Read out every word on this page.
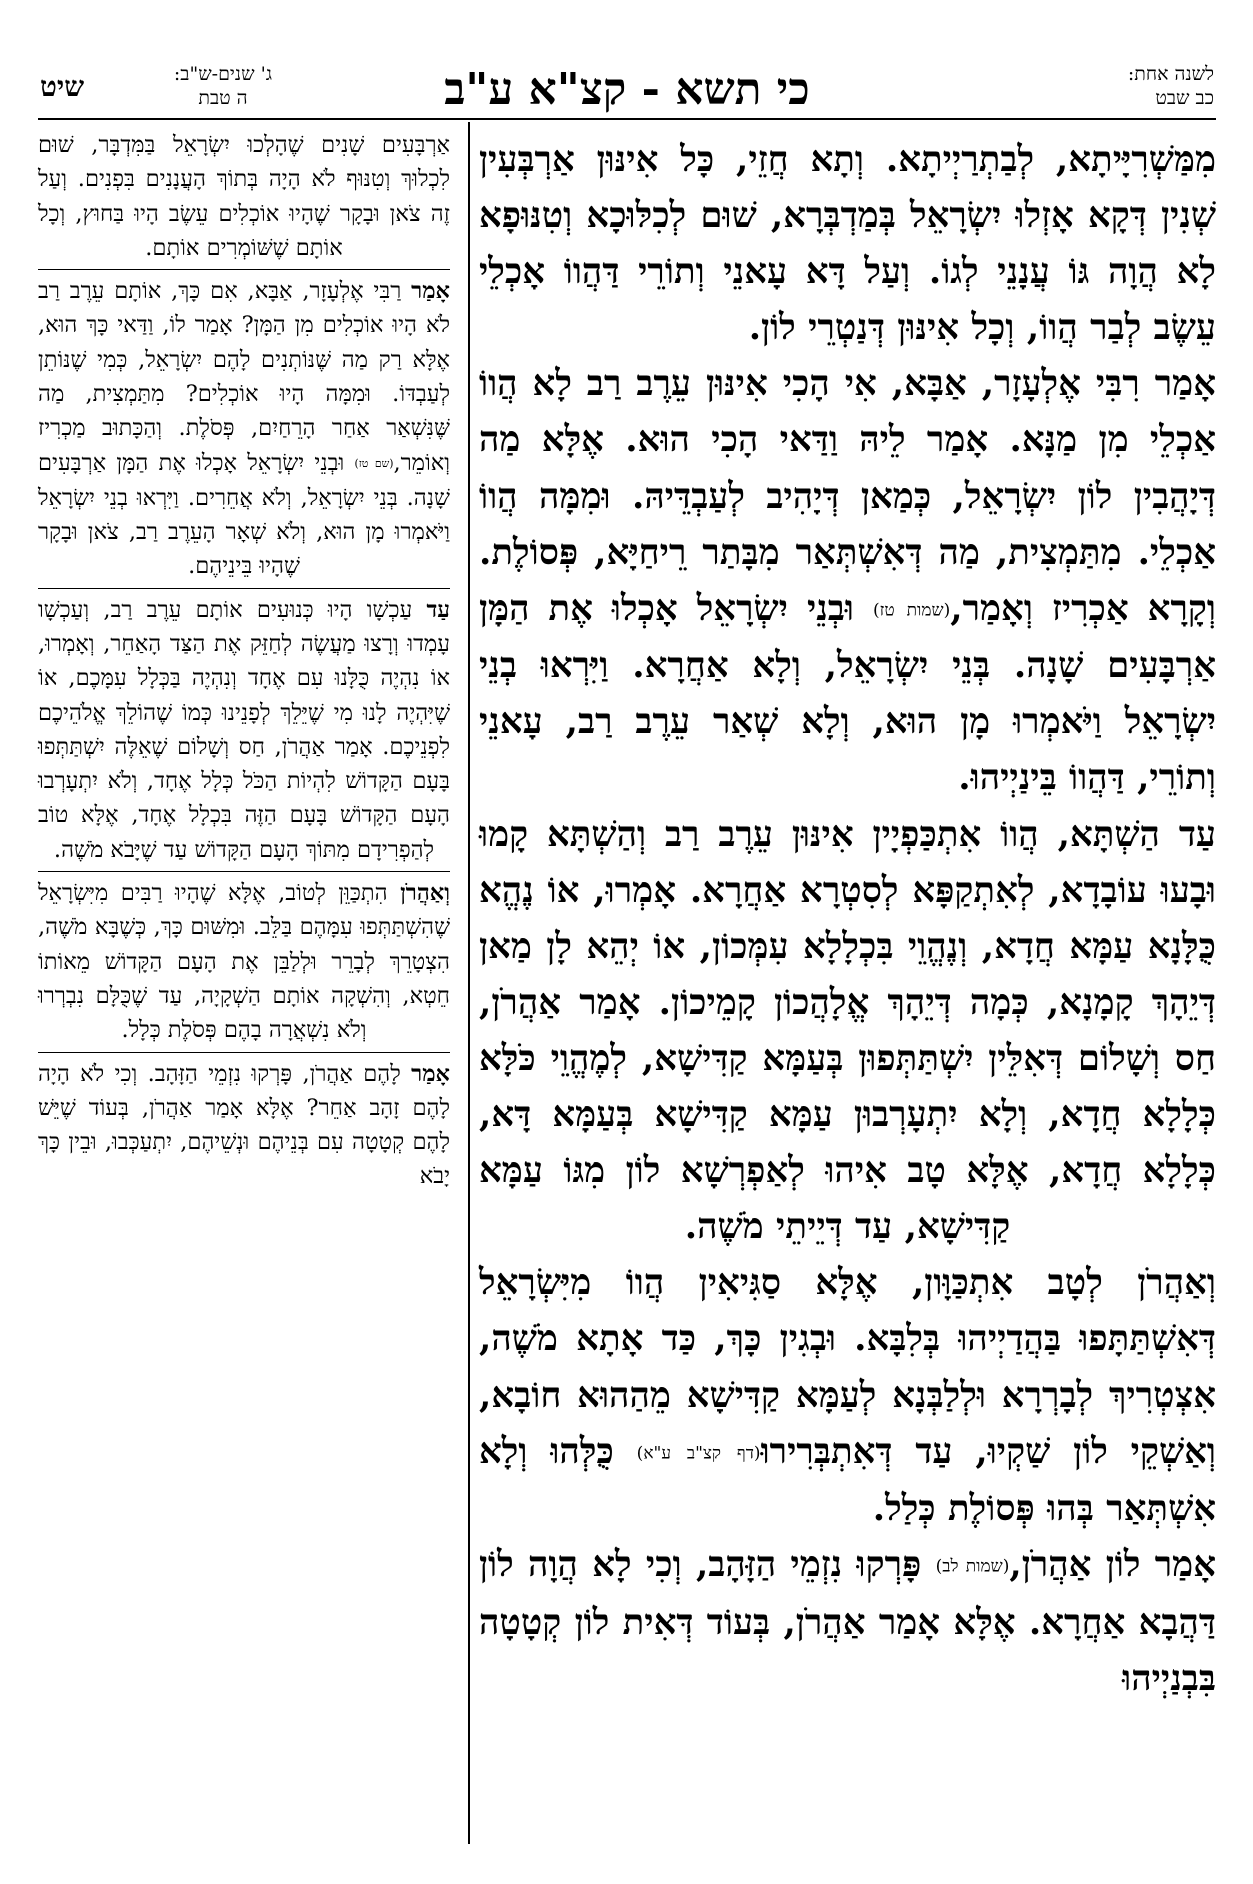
לשנה אחת:
כב שבט
כי תשא - קצ"א ע"ב
ג' שנים-ש"ב:
ה טבת
שיט

מִמַּשְׁרִיָּיתָא, לְבַתְרַיְיתָא. וְתָא חֲזֵי, כָּל אִינּוּן אַרְבְּעִין שְׁנִין דְּקָא אָזְלוּ יִשְׂרָאֵל בְּמַדְבְּרָא, שׁוּם לְכִלּוּכָא וְטִנּוּפָא לָא הֲוָה גּוֹ עֲנָנֵי לְגוֹ. וְעַל דָּא עָאנֵי וְתוֹרֵי דַּהֲווֹ אָכְלֵי עֵשֶׂב לְבַר הֲווֹ, וְכָל אִינּוּן דְּנַטְרֵי לוֹן.

אָמַר רִבִּי אֶלְעָזָר, אַבָּא, אִי הָכִי אִינּוּן עֵרֶב רַב לָא הֲווֹ אַכְלֵי מִן מַנָּא. אָמַר לֵיהּ וַדַּאי הָכִי הוּא. אֶלָּא מַה דְּיָהֲבִין לוֹן יִשְׂרָאֵל, כְּמַאן דְּיָהִיב לְעַבְדֵּיהּ. וּמִמָּה הֲווֹ אַכְלֵי. מִתַּמְצִית, מַה דְּאִשְׁתְּאַר מִבָּתַר רֵיחַיָּא, פְּסוֹלֶת. וְקָרָא אַכְרִיז וְאָמַר,(שמות טז) וּבְנֵי יִשְׂרָאֵל אָכְלוּ אֶת הַמָּן אַרְבָּעִים שָׁנָה. בְּנֵי יִשְׂרָאֵל, וְלָא אַחֲרָא. וַיִּרְאוּ בְנֵי יִשְׂרָאֵל וַיֹּאמְרוּ מָן הוּא, וְלָא שְׁאַר עֵרֶב רַב, עָאנֵי וְתוֹרֵי, דַּהֲווֹ בֵּינַיְיהוּ.

עַד הַשְׁתָּא, הֲווֹ אִתְכַּפְיָין אִינּוּן עֵרֶב רַב וְהַשְׁתָּא קָמוּ וּבָעוּ עוֹבָדָא, לְאִתְקַפָּא לְסִטְרָא אַחֲרָא. אָמְרוּ, אוֹ נֶהֱא כֻּלָּנָא עַמָּא חֲדָא, וְנֶהֱוֵי בִּכְלָלָא עִמְּכוֹן, אוֹ יְהֵא לָן מַאן דְּיֵהָךְ קָמָנָא, כְּמָה דְּיֵהָךְ אֱלָהֲכוֹן קָמֵיכוֹן. אָמַר אַהֲרֹן, חַס וְשָׁלוֹם דְּאִלֵּין יִשְׁתַּתְּפוּן בְּעַמָּא קַדִּישָׁא, לְמֶהֱוֵי כֹּלָּא כְּלָלָא חֲדָא, וְלָא יִתְעָרְבוּן עַמָּא קַדִּישָׁא בְּעַמָּא דָּא, כְּלָלָא חֲדָא, אֶלָּא טָב אִיהוּ לְאַפְרְשָׁא לוֹן מִגּוֹ עַמָּא קַדִּישָׁא, עַד דְּיֵיתֵי מֹשֶׁה.

וְאַהֲרֹן לְטָב אִתְכַּוָּון, אֶלָּא סַגִּיאִין הֲווֹ מִיִּשְׂרָאֵל דְּאִשְׁתַּתָּפוּ בַּהֲדַיְיהוּ בְּלִבָּא. וּבְגִין כָּךְ, כַּד אָתָא מֹשֶׁה, אִצְטְרִיךְ לְבָרְרָא וּלְלַבְּנָא לְעַמָּא קַדִּישָׁא מֵהַהוּא חוֹבָא, וְאַשְׁקֵי לוֹן שַׁקְיוּ, עַד דְּאִתְבְּרִירוּ(דף קצ"ב ע"א) כֻּלְּהוּ וְלָא אִשְׁתְּאַר בְּהוּ פְּסוֹלֶת כְּלַל.

אָמַר לוֹן אַהֲרֹן,(שמות לב) פָּרְקוּ נִזְמֵי הַזָּהָב, וְכִי לָא הֲוָה לוֹן דַּהֲבָא אַחֲרָא. אֶלָּא אָמַר אַהֲרֹן, בְּעוֹד דְּאִית לוֹן קְטָטָה בִּבְנַיְיהוּ

אַרְבָּעִים שָׁנִים שֶׁהָלְכוּ יִשְׂרָאֵל בַּמִּדְבָּר, שׁוּם לִכְלוּךְ וְטִנּוּף לֹא הָיָה בְּתוֹךְ הָעֲנָנִים בִּפְנִים. וְעַל זֶה צֹאן וּבָקָר שֶׁהָיוּ אוֹכְלִים עֵשֶׂב הָיוּ בַּחוּץ, וְכָל אוֹתָם שֶׁשּׁוֹמְרִים אוֹתָם.

אָמַר רַבִּי אֶלְעָזָר, אַבָּא, אִם כָּךְ, אוֹתָם עֵרֶב רַב לֹא הָיוּ אוֹכְלִים מִן הַמָּן? אָמַר לוֹ, וַדַּאי כָּךְ הוּא, אֶלָּא רַק מַה שֶּׁנּוֹתְנִים לָהֶם יִשְׂרָאֵל, כְּמִי שֶׁנּוֹתֵן לְעַבְדּוֹ. וּמִמָּה הָיוּ אוֹכְלִים? מִתַּמְצִית, מַה שֶּׁנִּשְׁאַר אַחַר הָרֵחַיִם, פְּסֹלֶת. וְהַכָּתוּב מַכְרִיז וְאוֹמֵר,(שם טז) וּבְנֵי יִשְׂרָאֵל אָכְלוּ אֶת הַמָּן אַרְבָּעִים שָׁנָה. בְּנֵי יִשְׂרָאֵל, וְלֹא אֲחֵרִים. וַיִּרְאוּ בְנֵי יִשְׂרָאֵל וַיֹּאמְרוּ מָן הוּא, וְלֹא שְׁאָר הָעֵרֶב רַב, צֹאן וּבָקָר שֶׁהָיוּ בֵּינֵיהֶם.

עַד עַכְשָׁו הָיוּ כְּנוּעִים אוֹתָם עֵרֶב רַב, וְעַכְשָׁו עָמְדוּ וְרָצוּ מַעֲשֶׂה לְחַזֵּק אֶת הַצַּד הָאַחֵר, וְאָמְרוּ, אוֹ נִהְיֶה כֻּלָּנוּ עִם אֶחָד וְנִהְיֶה בַּכְּלָל עִמָּכֶם, אוֹ שֶׁיִּהְיֶה לָנוּ מִי שֶׁיֵּלֵךְ לְפָנֵינוּ כְּמוֹ שֶׁהוֹלֵךְ אֱלֹהֵיכֶם לִפְנֵיכֶם. אָמַר אַהֲרֹן, חַס וְשָׁלוֹם שֶׁאֵלֶּה יִשְׁתַּתְּפוּ בָּעָם הַקָּדוֹשׁ לִהְיוֹת הַכֹּל כְּלָל אֶחָד, וְלֹא יִתְעָרְבוּ הָעָם הַקָּדוֹשׁ בָּעָם הַזֶּה בִּכְלָל אֶחָד, אֶלָּא טוֹב לְהַפְרִידָם מִתּוֹךְ הָעָם הַקָּדוֹשׁ עַד שֶׁיָּבֹא מֹשֶׁה.

וְאַהֲרֹן הִתְכַּוֵּן לְטוֹב, אֶלָּא שֶׁהָיוּ רַבִּים מִיִּשְׂרָאֵל שֶׁהִשְׁתַּתְּפוּ עִמָּהֶם בַּלֵּב. וּמִשּׁוּם כָּךְ, כְּשֶׁבָּא מֹשֶׁה, הִצְטָרֵךְ לְבָרֵר וּלְלַבֵּן אֶת הָעָם הַקָּדוֹשׁ מֵאוֹתוֹ חֵטְא, וְהִשְׁקָה אוֹתָם הַשְׁקָיָה, עַד שֶׁכֻּלָּם נִבְרְרוּ וְלֹא נִשְׁאֲרָה בָהֶם פְּסֹלֶת כְּלָל.

אָמַר לָהֶם אַהֲרֹן, פָּרְקוּ נִזְמֵי הַזָּהָב. וְכִי לֹא הָיָה לָהֶם זָהָב אַחֵר? אֶלָּא אָמַר אַהֲרֹן, בְּעוֹד שֶׁיֵּשׁ לָהֶם קְטָטָה עִם בְּנֵיהֶם וּנְשֵׁיהֶם, יִתְעַכְּבוּ, וּבֵין כָּךְ יָבֹא
